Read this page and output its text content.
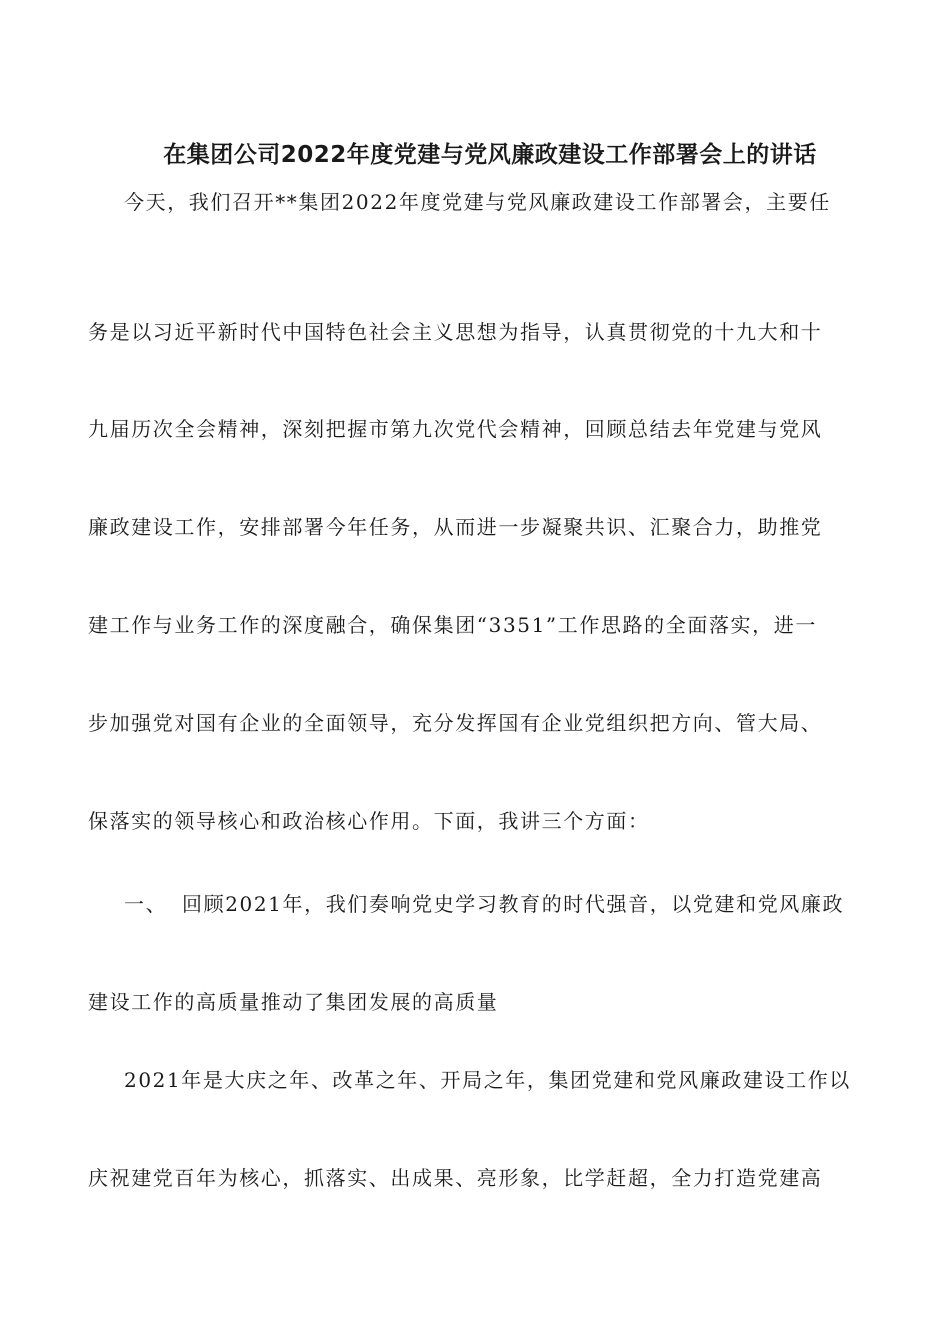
在集团公司2022年度党建与党风廉政建设工作部署会上的讲话
今天，我们召开**集团2022年度党建与党风廉政建设工作部署会，主要任
务是以习近平新时代中国特色社会主义思想为指导，认真贯彻党的十九大和十
九届历次全会精神，深刻把握市第九次党代会精神，回顾总结去年党建与党风
廉政建设工作，安排部署今年任务，从而进一步凝聚共识、汇聚合力，助推党
建工作与业务工作的深度融合，确保集团“3351”工作思路的全面落实，进一
步加强党对国有企业的全面领导，充分发挥国有企业党组织把方向、管大局、
保落实的领导核心和政治核心作用。下面，我讲三个方面：
一、 回顾2021年，我们奏响党史学习教育的时代强音，以党建和党风廉政
建设工作的高质量推动了集团发展的高质量
2021年是大庆之年、改革之年、开局之年，集团党建和党风廉政建设工作以
庆祝建党百年为核心，抓落实、出成果、亮形象，比学赶超，全力打造党建高
